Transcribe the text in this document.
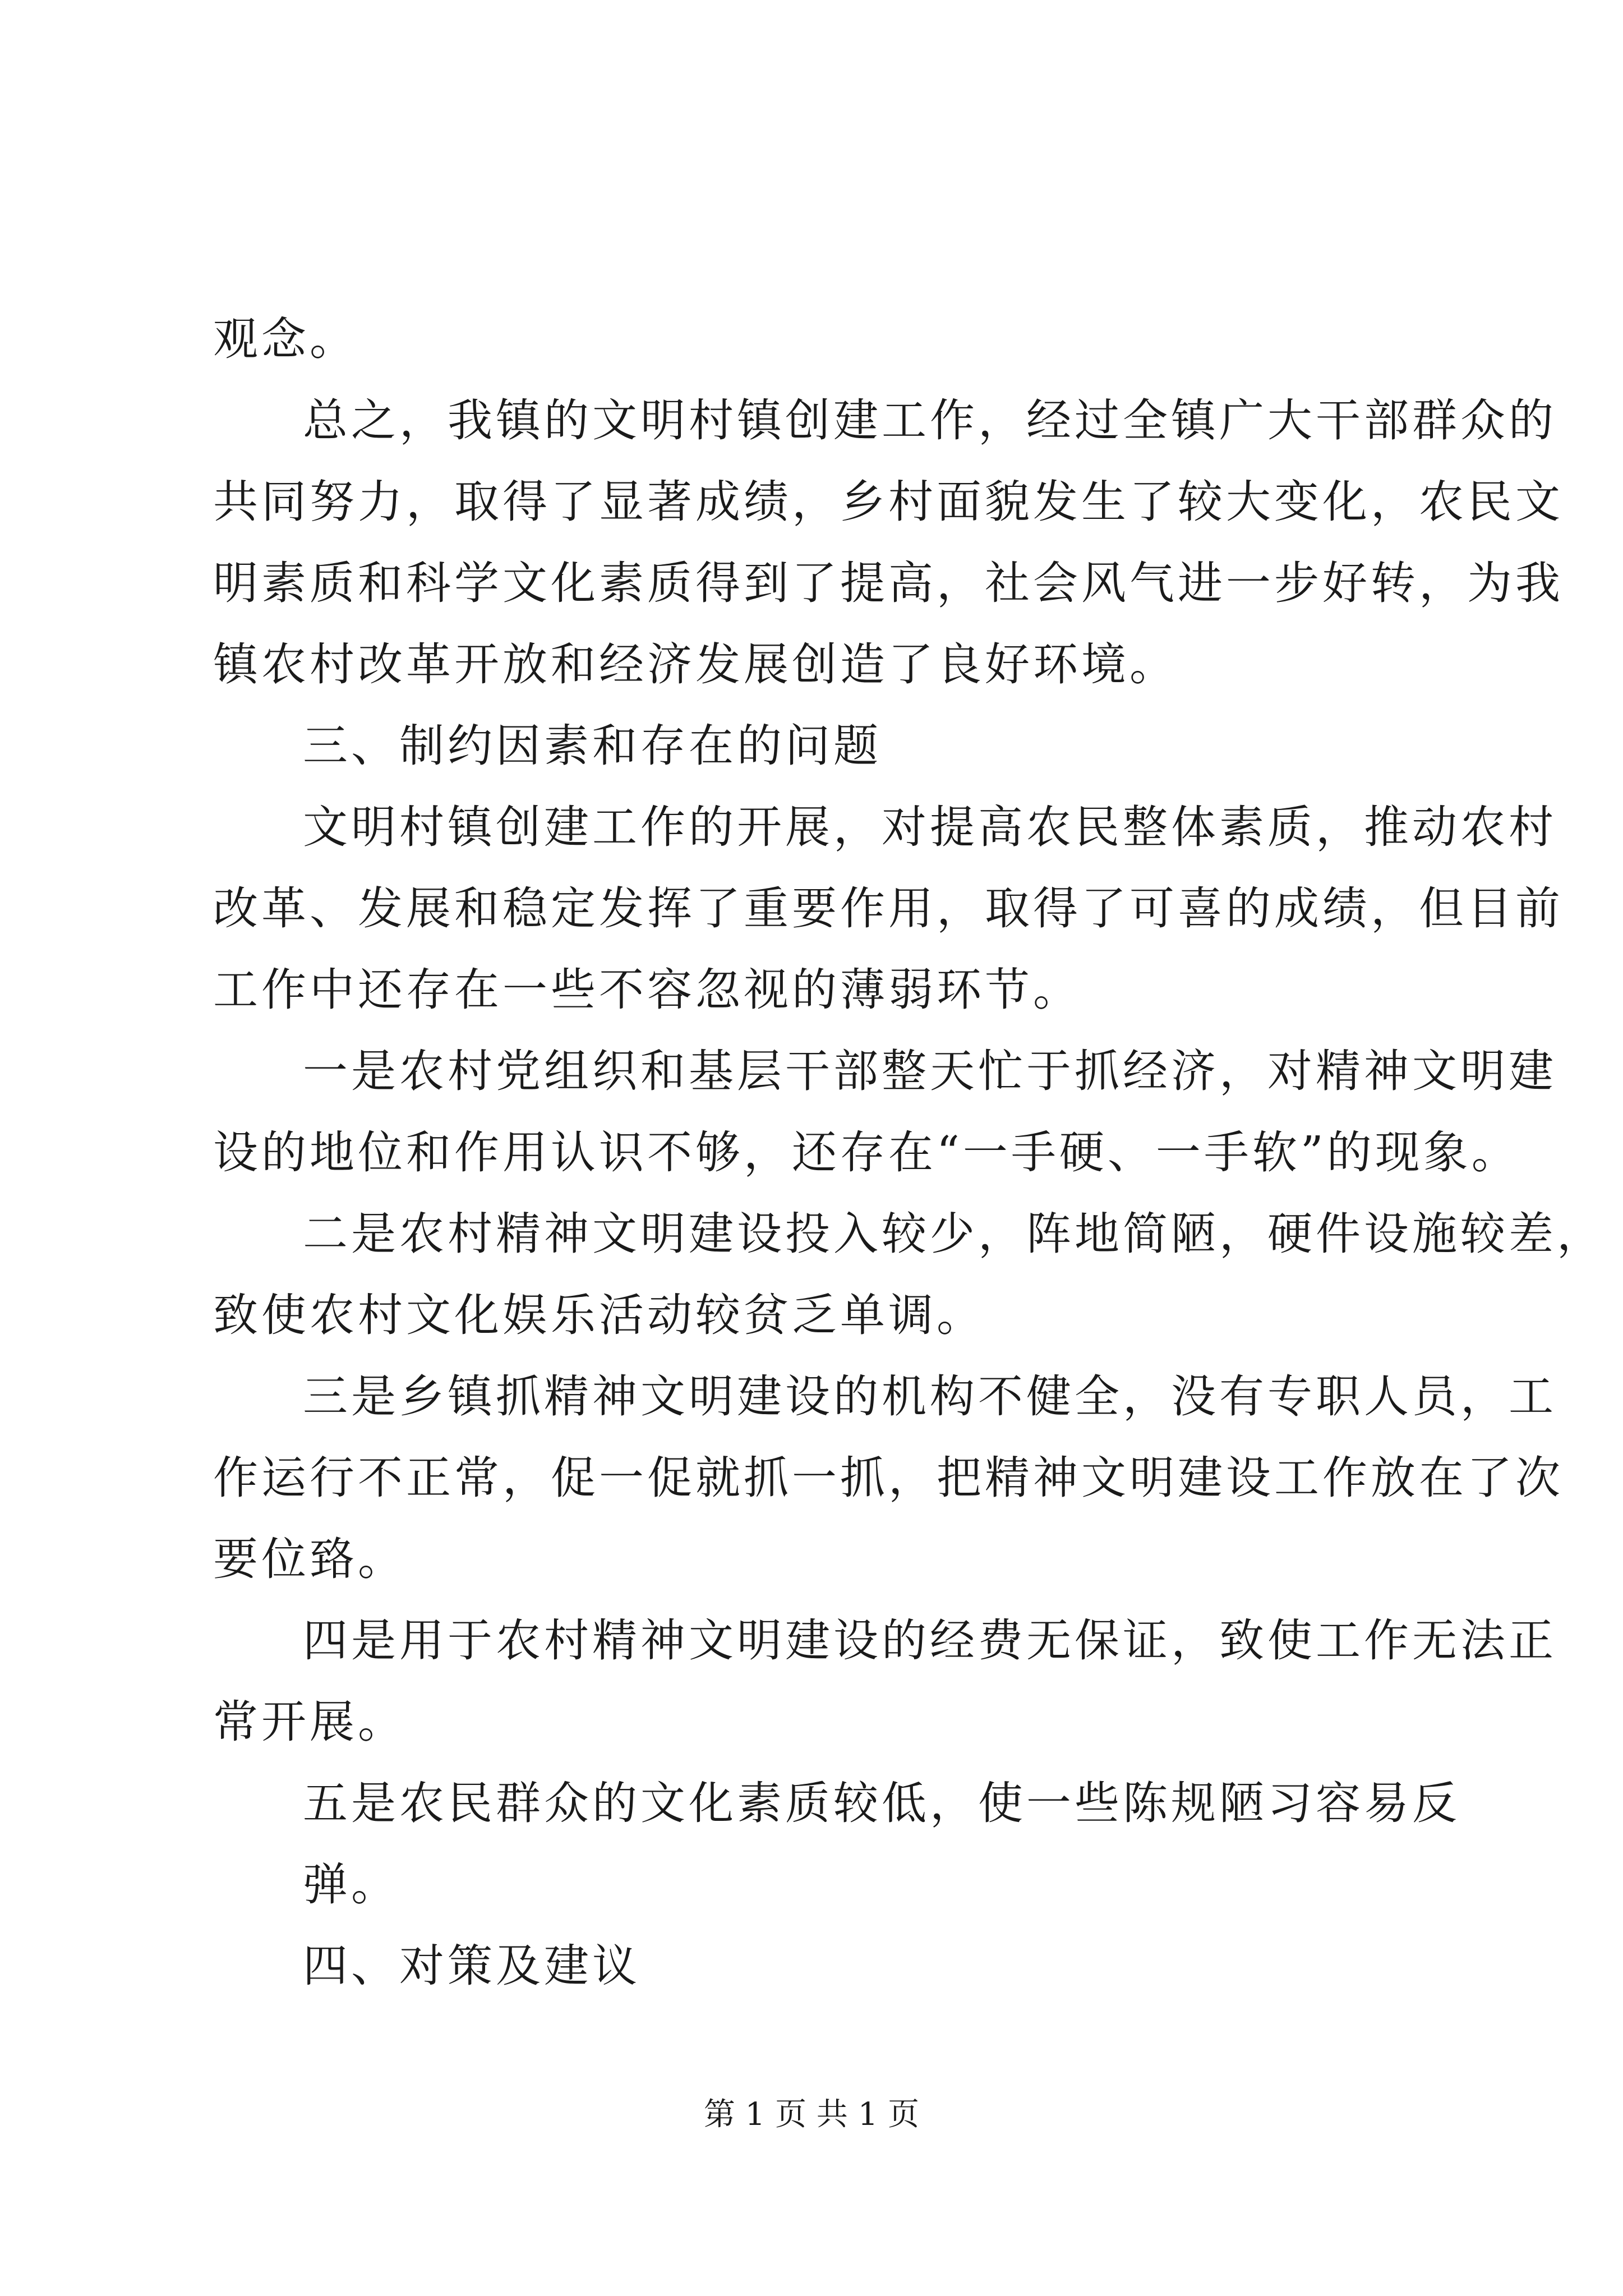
观念。
总之，我镇的文明村镇创建工作，经过全镇广大干部群众的
共同努力，取得了显著成绩，乡村面貌发生了较大变化，农民文
明素质和科学文化素质得到了提高，社会风气进一步好转，为我
镇农村改革开放和经济发展创造了良好环境。
三、制约因素和存在的问题
文明村镇创建工作的开展，对提高农民整体素质，推动农村
改革、发展和稳定发挥了重要作用，取得了可喜的成绩，但目前
工作中还存在一些不容忽视的薄弱环节。
一是农村党组织和基层干部整天忙于抓经济，对精神文明建
设的地位和作用认识不够，还存在“一手硬、一手软”的现象。
二是农村精神文明建设投入较少，阵地简陋，硬件设施较差，
致使农村文化娱乐活动较贫乏单调。
三是乡镇抓精神文明建设的机构不健全，没有专职人员，工
作运行不正常，促一促就抓一抓，把精神文明建设工作放在了次
要位臵。
四是用于农村精神文明建设的经费无保证，致使工作无法正
常开展。
五是农民群众的文化素质较低，使一些陈规陋习容易反
弹。
四、对策及建议
第 1 页 共 1 页
